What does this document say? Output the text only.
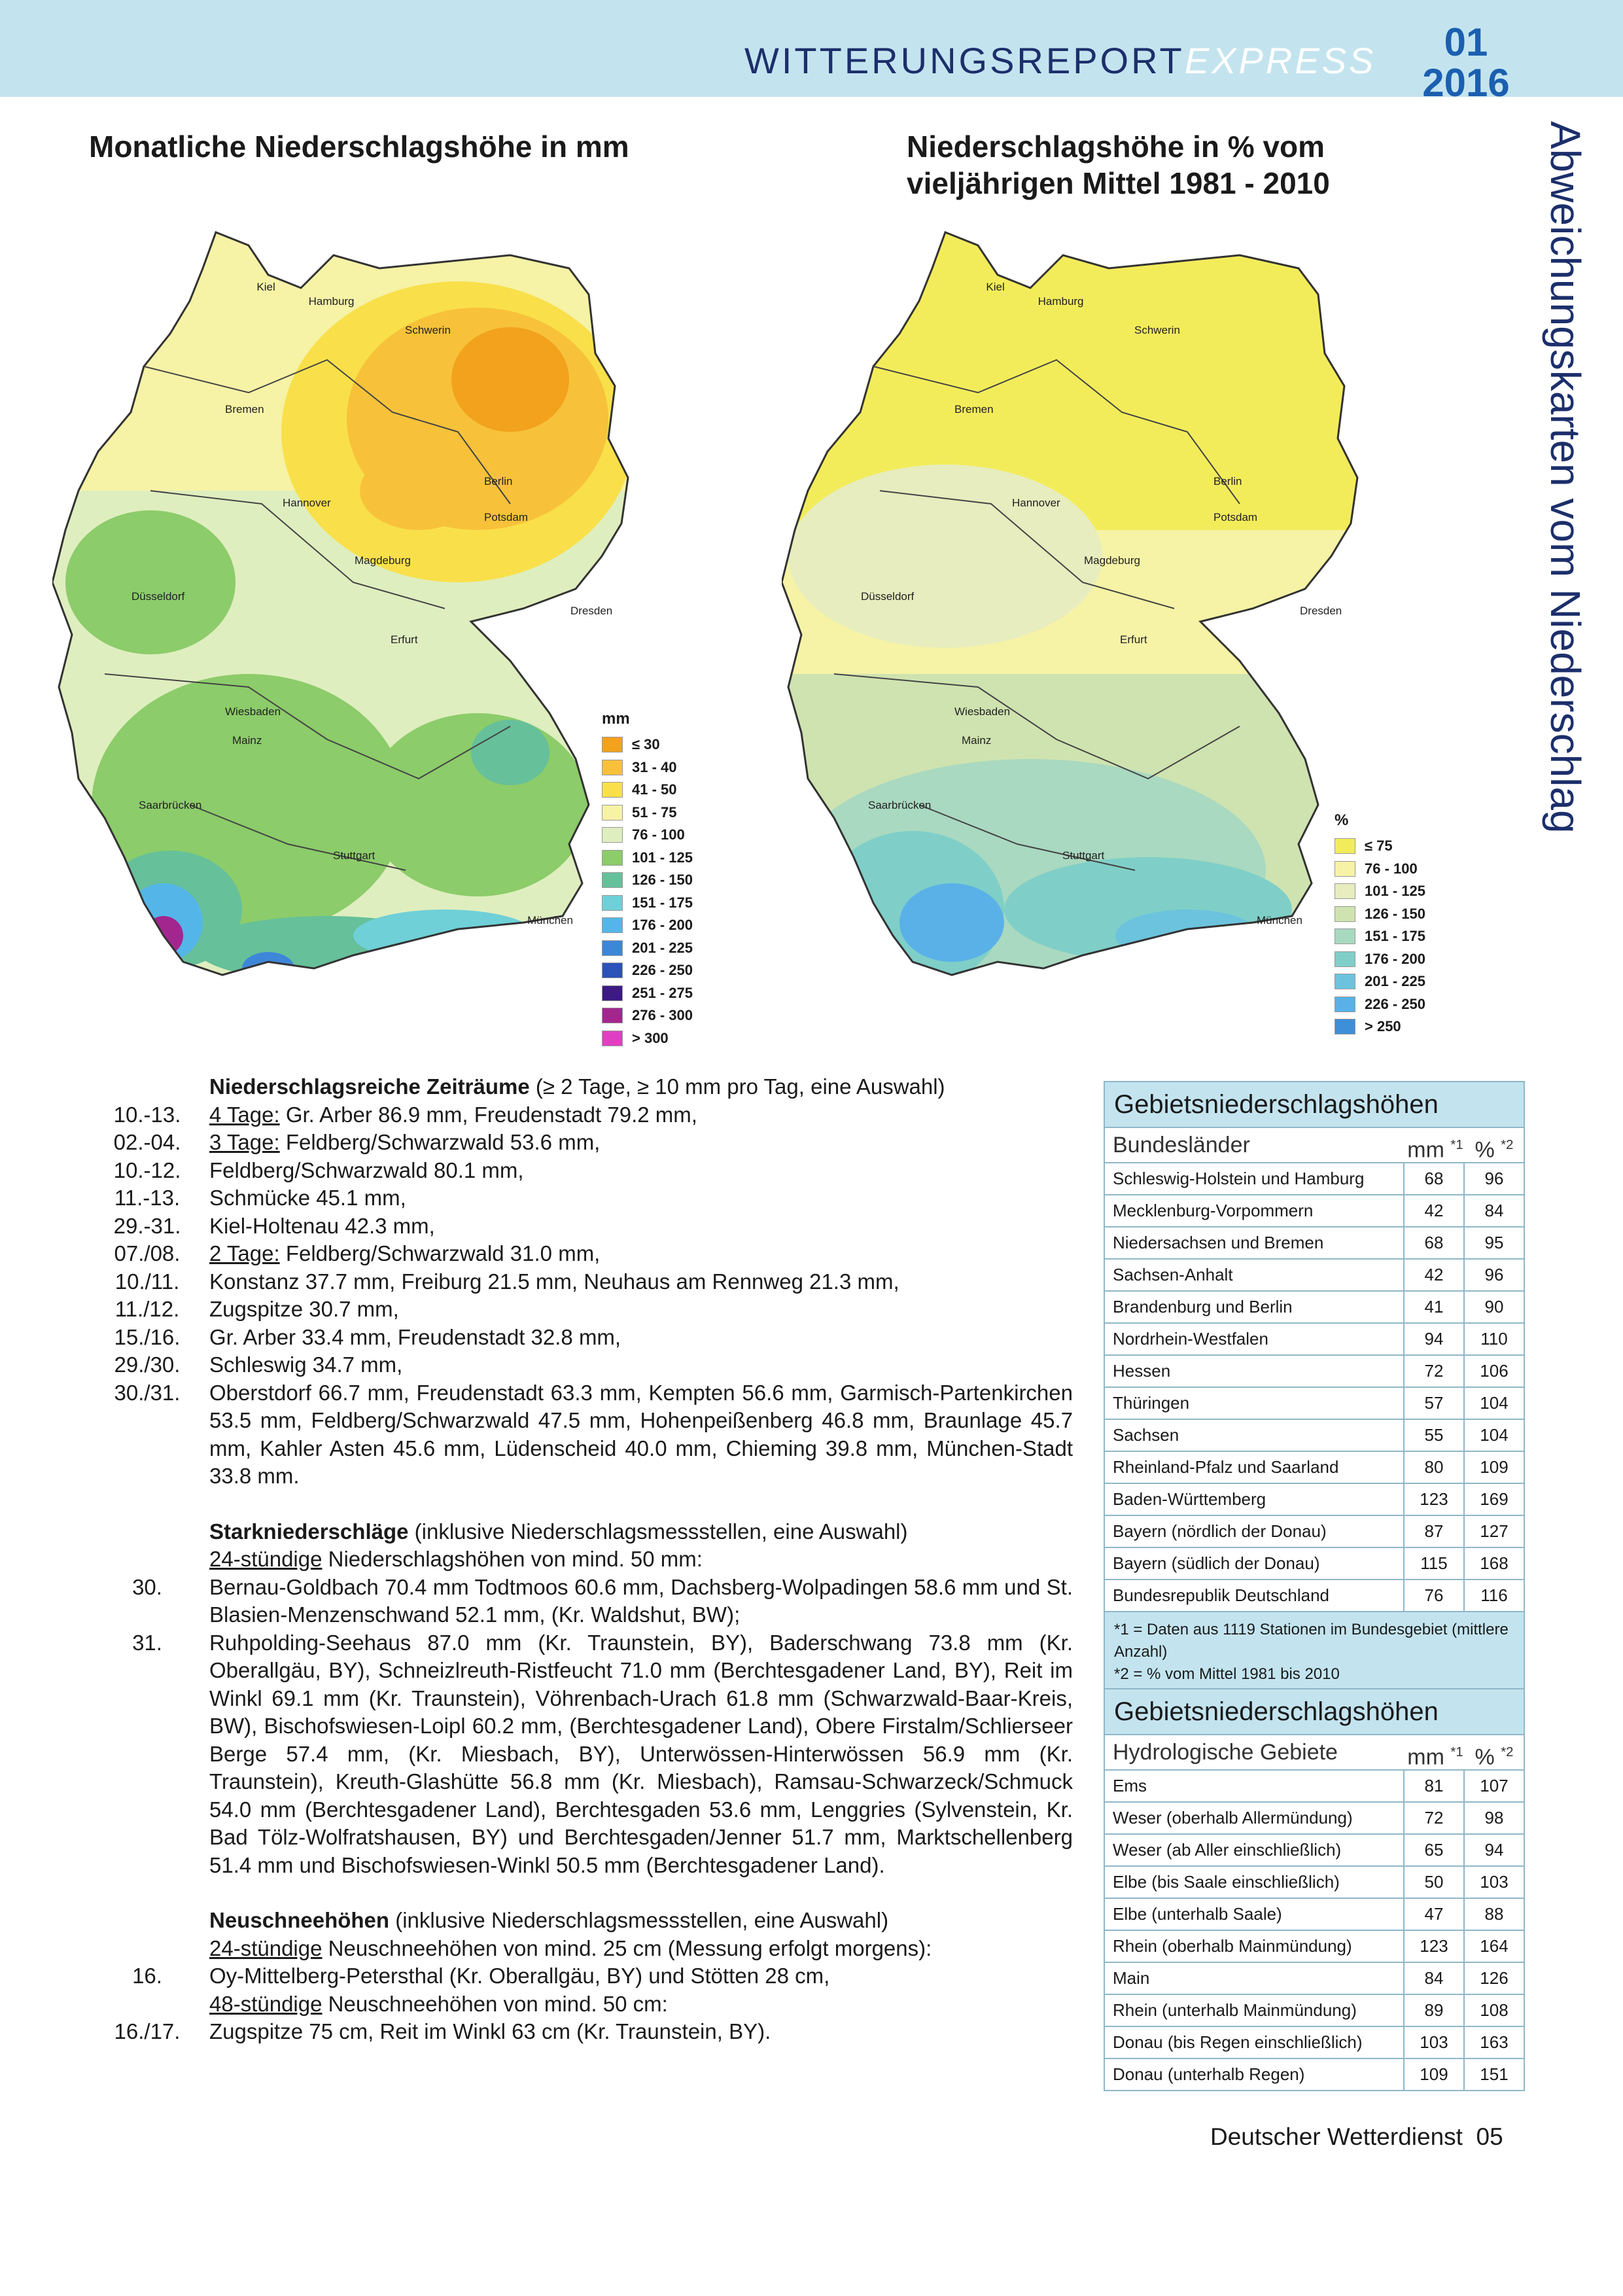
WITTERUNGSREPORTEXPRESS	01
2016
Abweichungskarten vom Niederschlag
Monatliche Niederschlagshöhe in mm	Niederschlagshöhe in % vom
vieljährigen Mittel 1981 - 2010
mm
≤ 30
31 - 40
41 - 50
51 - 75
76 - 100
101 - 125
126 - 150
151 - 175
176 - 200
201 - 225
226 - 250
251 - 275
276 - 300
> 300
%
≤ 75
76 - 100
101 - 125
126 - 150
151 - 175
176 - 200
201 - 225
226 - 250
> 250
Kiel
Hamburg
Schwerin
Bremen
Berlin
Hannover
Potsdam
Magdeburg
Düsseldorf
Dresden
Erfurt
Wiesbaden
Mainz
Saarbrücken
Stuttgart
München
Kiel
Hamburg
Schwerin
Bremen
Berlin
Hannover
Potsdam
Magdeburg
Düsseldorf
Dresden
Erfurt
Wiesbaden
Mainz
Saarbrücken
Stuttgart
München
Niederschlagsreiche Zeiträume (≥ 2 Tage, ≥ 10 mm pro Tag, eine Auswahl)
10.-13.	4 Tage: Gr. Arber 86.9 mm, Freudenstadt 79.2 mm,
02.-04.	3 Tage: Feldberg/Schwarzwald 53.6 mm,
10.-12.	Feldberg/Schwarzwald 80.1 mm,
11.-13.	Schmücke 45.1 mm,
29.-31.	Kiel-Holtenau 42.3 mm,
07./08.	2 Tage: Feldberg/Schwarzwald 31.0 mm,
10./11.	Konstanz 37.7 mm, Freiburg 21.5 mm, Neuhaus am Rennweg 21.3 mm,
11./12.	Zugspitze 30.7 mm,
15./16.	Gr. Arber 33.4 mm, Freudenstadt 32.8 mm,
29./30.	Schleswig 34.7 mm,
30./31.	Oberstdorf 66.7 mm, Freudenstadt 63.3 mm, Kempten 56.6 mm, Garmisch-Partenkirchen 53.5 mm, Feldberg/Schwarzwald 47.5 mm, Hohenpeißenberg 46.8 mm, Braunlage 45.7 mm, Kahler Asten 45.6 mm, Lüdenscheid 40.0 mm, Chieming 39.8 mm, München-Stadt 33.8 mm.
Starkniederschläge (inklusive Niederschlagsmessstellen, eine Auswahl)
24-stündige Niederschlagshöhen von mind. 50 mm:
30.	Bernau-Goldbach 70.4 mm Todtmoos 60.6 mm, Dachsberg-Wolpadingen 58.6 mm und St. Blasien-Menzenschwand 52.1 mm, (Kr. Waldshut, BW);
31.	Ruhpolding-Seehaus 87.0 mm (Kr. Traunstein, BY), Baderschwang 73.8 mm (Kr. Oberallgäu, BY), Schneizlreuth-Ristfeucht 71.0 mm (Berchtesgadener Land, BY), Reit im Winkl 69.1 mm (Kr. Traunstein), Vöhrenbach-Urach 61.8 mm (Schwarzwald-Baar-Kreis, BW), Bischofswiesen-Loipl 60.2 mm, (Berchtesgadener Land), Obere Firstalm/Schlierseer Berge 57.4 mm, (Kr. Miesbach, BY), Unterwössen-Hinterwössen 56.9 mm (Kr. Traunstein), Kreuth-Glashütte 56.8 mm (Kr. Miesbach), Ramsau-Schwarzeck/Schmuck 54.0 mm (Berchtesgadener Land), Berchtesgaden 53.6 mm, Lenggries (Sylvenstein, Kr. Bad Tölz-Wolfratshausen, BY) und Berchtesgaden/Jenner 51.7 mm, Marktschellenberg 51.4 mm und Bischofswiesen-Winkl 50.5 mm (Berchtesgadener Land).
Neuschneehöhen (inklusive Niederschlagsmessstellen, eine Auswahl)
24-stündige Neuschneehöhen von mind. 25 cm (Messung erfolgt morgens):
16.	Oy-Mittelberg-Petersthal (Kr. Oberallgäu, BY) und Stötten 28 cm,
48-stündige Neuschneehöhen von mind. 50 cm:
16./17.	Zugspitze 75 cm, Reit im Winkl 63 cm (Kr. Traunstein, BY).
Gebietsniederschlagshöhen
Bundesländer	mm $^{*1}$ % $^{*2}$
Schleswig-Holstein und Hamburg	68	96
Mecklenburg-Vorpommern	42	84
Niedersachsen und Bremen	68	95
Sachsen-Anhalt	42	96
Brandenburg und Berlin	41	90
Nordrhein-Westfalen	94	110
Hessen	72	106
Thüringen	57	104
Sachsen	55	104
Rheinland-Pfalz und Saarland	80	109
Baden-Württemberg	123	169
Bayern (nördlich der Donau)	87	127
Bayern (südlich der Donau)	115	168
Bundesrepublik Deutschland	76	116
*1 = Daten aus 1119 Stationen im Bundesgebiet (mittlere Anzahl)
*2 = % vom Mittel 1981 bis 2010
Gebietsniederschlagshöhen
Hydrologische Gebiete	mm $^{*1}$ % $^{*2}$
Ems	81	107
Weser (oberhalb Allermündung)	72	98
Weser (ab Aller einschließlich)	65	94
Elbe (bis Saale einschließlich)	50	103
Elbe (unterhalb Saale)	47	88
Rhein (oberhalb Mainmündung)	123	164
Main	84	126
Rhein (unterhalb Mainmündung)	89	108
Donau (bis Regen einschließlich)	103	163
Donau (unterhalb Regen)	109	151
Deutscher Wetterdienst 05
